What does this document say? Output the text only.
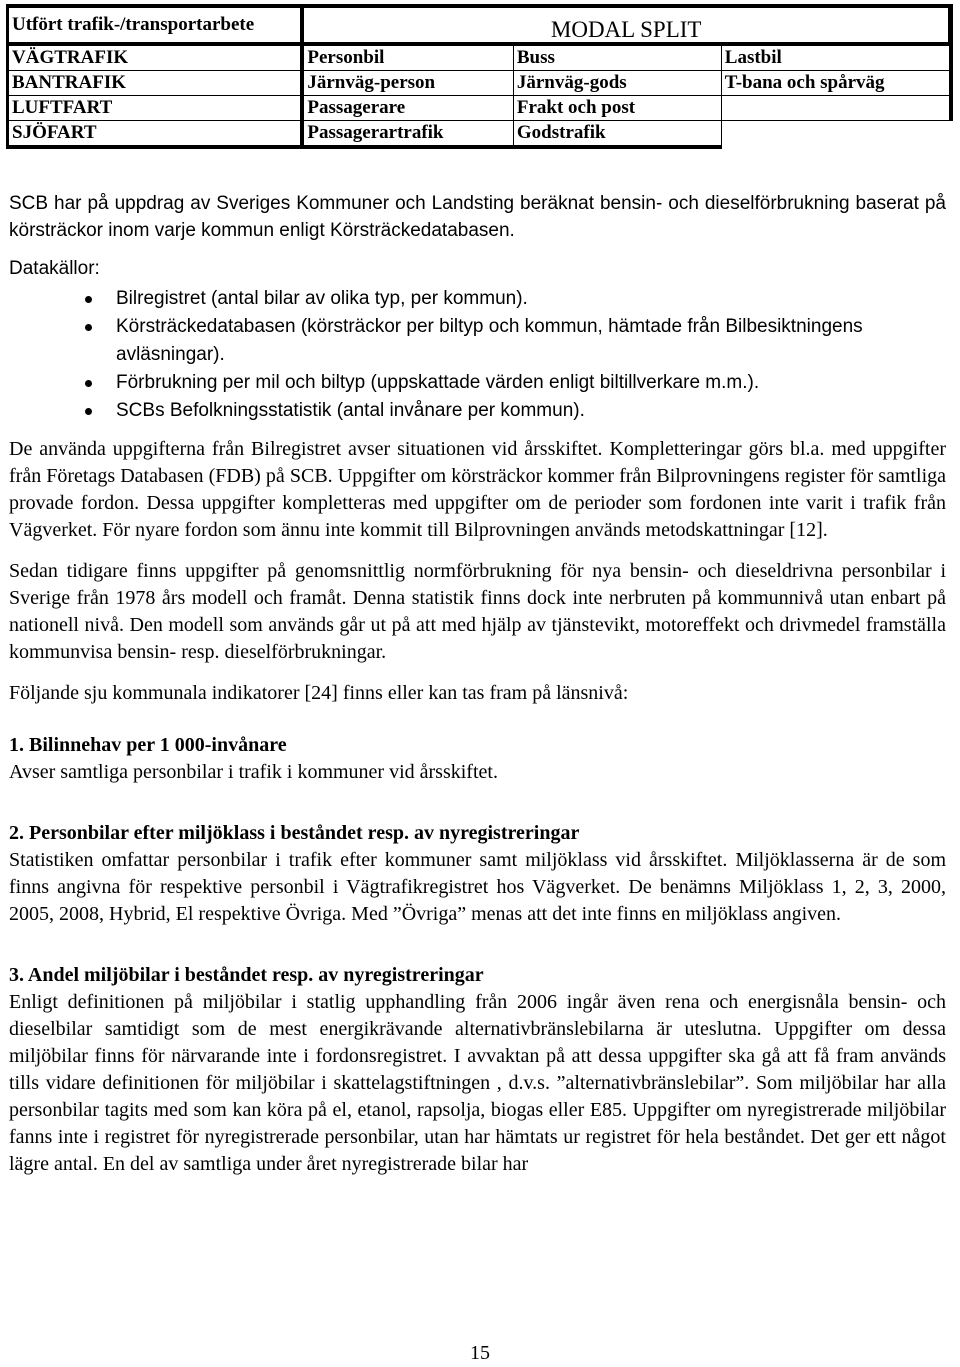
Utfört trafik-/transportarbete	MODAL SPLIT		
VÄGTRAFIK	Personbil	Buss	Lastbil
BANTRAFIK	Järnväg-person	Järnväg-gods	T-bana och spårväg
LUFTFART	Passagerare	Frakt och post	
SJÖFART	Passagerartrafik	Godstrafik	

SCB har på uppdrag av Sveriges Kommuner och Landsting beräknat bensin- och dieselförbrukning baserat på körsträckor inom varje kommun enligt Körsträckedatabasen.

Datakällor:

Bilregistret (antal bilar av olika typ, per kommun).
Körsträckedatabasen (körsträckor per biltyp och kommun, hämtade från Bilbesiktningens avläsningar).
Förbrukning per mil och biltyp (uppskattade värden enligt biltillverkare m.m.).
SCBs Befolkningsstatistik (antal invånare per kommun).

De använda uppgifterna från Bilregistret avser situationen vid årsskiftet. Kompletteringar görs bl.a. med uppgifter från Företags Databasen (FDB) på SCB. Uppgifter om körsträckor kommer från Bilprovningens register för samtliga provade fordon. Dessa uppgifter kompletteras med uppgifter om de perioder som fordonen inte varit i trafik från Vägverket. För nyare fordon som ännu inte kommit till Bilprovningen används metodskattningar [12].

Sedan tidigare finns uppgifter på genomsnittlig normförbrukning för nya bensin- och dieseldrivna personbilar i Sverige från 1978 års modell och framåt. Denna statistik finns dock inte nerbruten på kommunnivå utan enbart på nationell nivå. Den modell som används går ut på att med hjälp av tjänstevikt, motoreffekt och drivmedel framställa kommunvisa bensin- resp. dieselförbrukningar.

Följande sju kommunala indikatorer [24] finns eller kan tas fram på länsnivå:

1. Bilinnehav per 1 000-invånare

Avser samtliga personbilar i trafik i kommuner vid årsskiftet.

2. Personbilar efter miljöklass i beståndet resp. av nyregistreringar

Statistiken omfattar personbilar i trafik efter kommuner samt miljöklass vid årsskiftet. Miljöklasserna är de som finns angivna för respektive personbil i Vägtrafikregistret hos Vägverket. De benämns Miljöklass 1, 2, 3, 2000, 2005, 2008, Hybrid, El respektive Övriga. Med ”Övriga” menas att det inte finns en miljöklass angiven.

3. Andel miljöbilar i beståndet resp. av nyregistreringar

Enligt definitionen på miljöbilar i statlig upphandling från 2006 ingår även rena och energisnåla bensin- och dieselbilar samtidigt som de mest energikrävande alternativbränslebilarna är uteslutna. Uppgifter om dessa miljöbilar finns för närvarande inte i fordonsregistret. I avvaktan på att dessa uppgifter ska gå att få fram används tills vidare definitionen för miljöbilar i skattelagstiftningen , d.v.s. ”alternativbränslebilar”. Som miljöbilar har alla personbilar tagits med som kan köra på el, etanol, rapsolja, biogas eller E85. Uppgifter om nyregistrerade miljöbilar fanns inte i registret för nyregistrerade personbilar, utan har hämtats ur registret för hela beståndet. Det ger ett något lägre antal. En del av samtliga under året nyregistrerade bilar har

15
